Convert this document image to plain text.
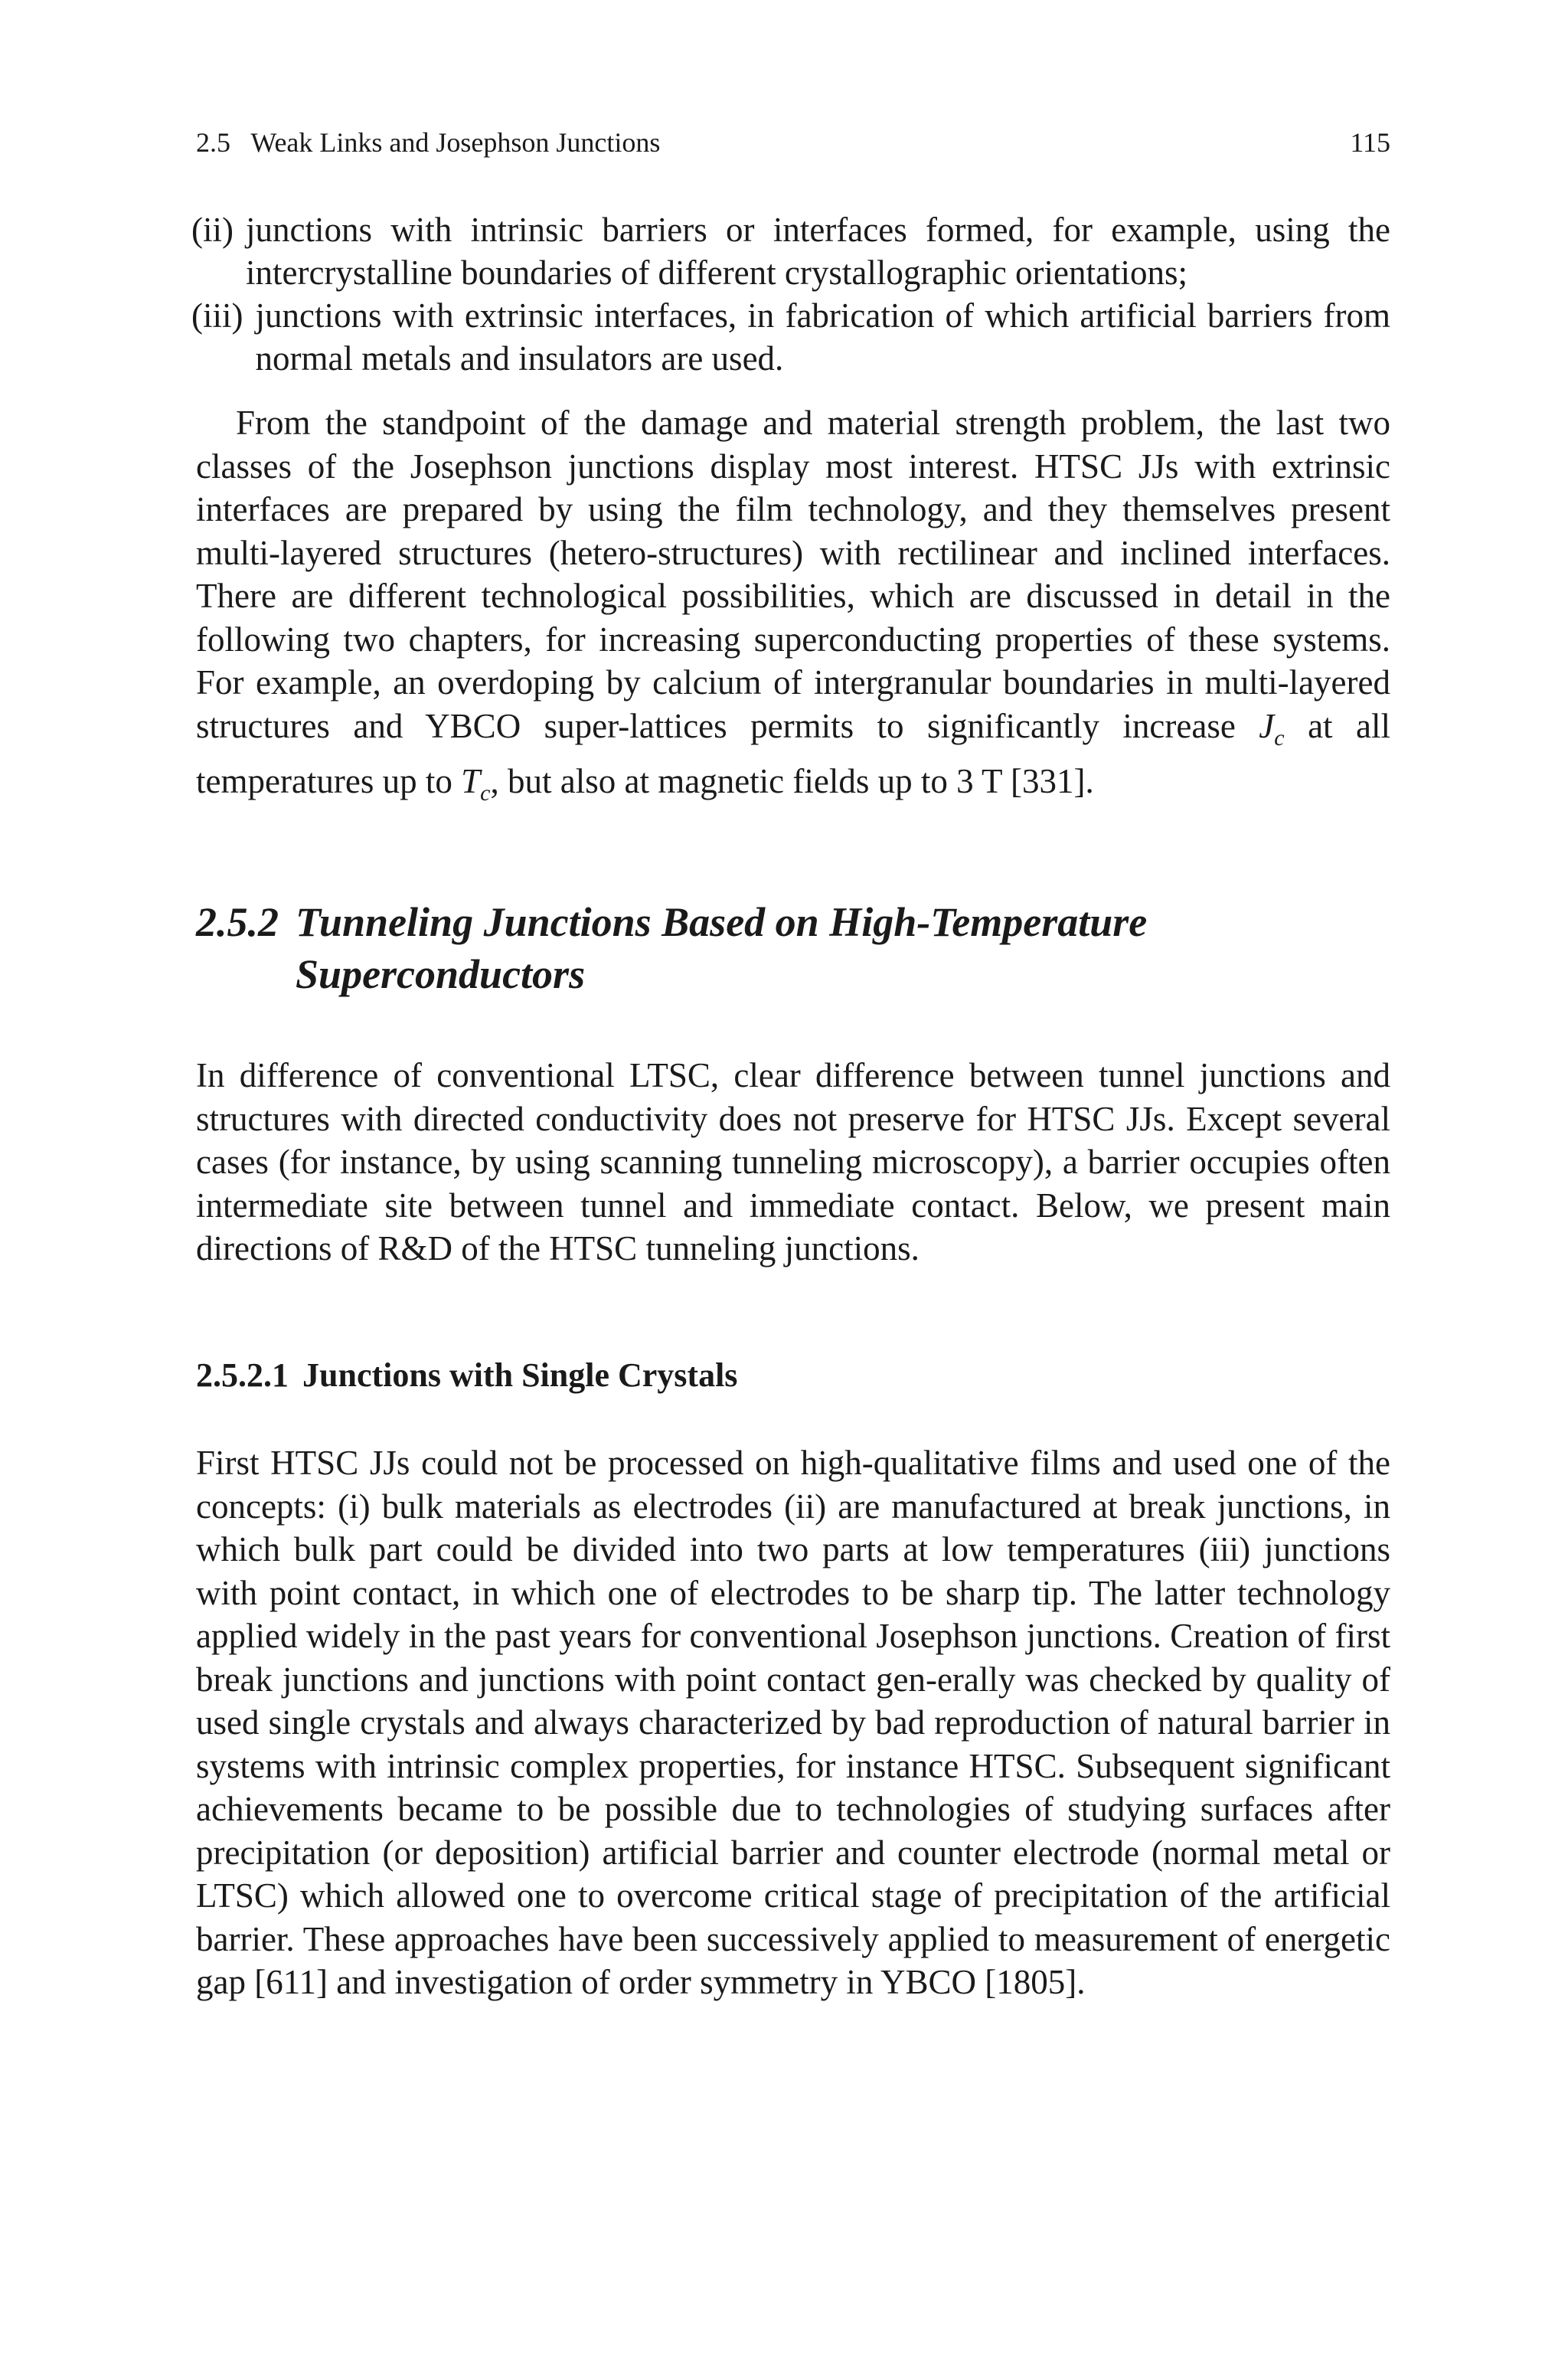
2.5   Weak Links and Josephson Junctions	115
(ii) junctions with intrinsic barriers or interfaces formed, for example, using the intercrystalline boundaries of different crystallographic orientations;
(iii) junctions with extrinsic interfaces, in fabrication of which artificial barriers from normal metals and insulators are used.

From the standpoint of the damage and material strength problem, the last two classes of the Josephson junctions display most interest. HTSC JJs with extrinsic interfaces are prepared by using the film technology, and they themselves present multi-layered structures (hetero-structures) with rectilinear and inclined interfaces. There are different technological possibilities, which are discussed in detail in the following two chapters, for increasing superconducting properties of these systems. For example, an overdoping by calcium of intergranular boundaries in multi-layered structures and YBCO super-lattices permits to significantly increase $J_c$ at all temperatures up to $T_c$, but also at magnetic fields up to 3 T [331].

2.5.2 Tunneling Junctions Based on High-Temperature Superconductors

In difference of conventional LTSC, clear difference between tunnel junctions and structures with directed conductivity does not preserve for HTSC JJs. Except several cases (for instance, by using scanning tunneling microscopy), a barrier occupies often intermediate site between tunnel and immediate contact. Below, we present main directions of R&D of the HTSC tunneling junctions.

2.5.2.1 Junctions with Single Crystals

First HTSC JJs could not be processed on high-qualitative films and used one of the concepts: (i) bulk materials as electrodes (ii) are manufactured at break junctions, in which bulk part could be divided into two parts at low temperatures (iii) junctions with point contact, in which one of electrodes to be sharp tip. The latter technology applied widely in the past years for conventional Josephson junctions. Creation of first break junctions and junctions with point contact gen-erally was checked by quality of used single crystals and always characterized by bad reproduction of natural barrier in systems with intrinsic complex properties, for instance HTSC. Subsequent significant achievements became to be possible due to technologies of studying surfaces after precipitation (or deposition) artificial barrier and counter electrode (normal metal or LTSC) which allowed one to overcome critical stage of precipitation of the artificial barrier. These approaches have been successively applied to measurement of energetic gap [611] and investigation of order symmetry in YBCO [1805].
